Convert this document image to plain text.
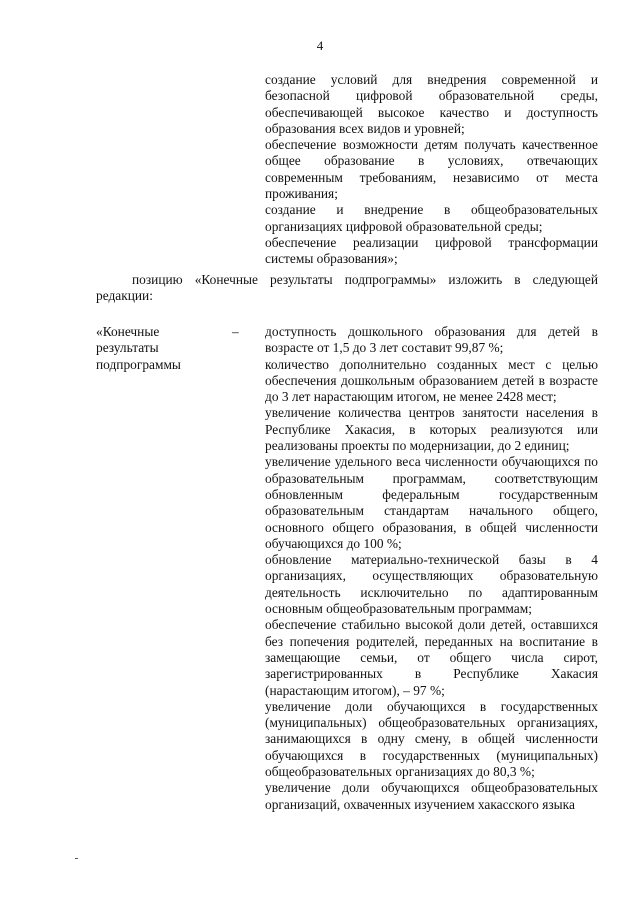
4

создание условий для внедрения современной и безопасной цифровой образовательной среды, обеспечивающей высокое качество и доступность образования всех видов и уровней;

обеспечение возможности детям получать качественное общее образование в условиях, отвечающих современным требованиям, независимо от места проживания;

создание и внедрение в общеобразовательных организациях цифровой образовательной среды;

обеспечение реализации цифровой трансформации системы образования»;

позицию «Конечные результаты подпрограммы» изложить в следующей редакции:

«Конечные
результаты
подпрограммы
– доступность дошкольного образования для детей в возрасте от 1,5 до 3 лет составит 99,87 %;

количество дополнительно созданных мест с целью обеспечения дошкольным образованием детей в возрасте до 3 лет нарастающим итогом, не менее 2428 мест;

увеличение количества центров занятости населения в Республике Хакасия, в которых реализуются или реализованы проекты по модернизации, до 2 единиц;

увеличение удельного веса численности обучающихся по образовательным программам, соответствующим обновленным федеральным государственным образовательным стандартам начального общего, основного общего образования, в общей численности обучающихся до 100 %;

обновление материально-технической базы в 4 организациях, осуществляющих образовательную деятельность исключительно по адаптированным основным общеобразовательным программам;

обеспечение стабильно высокой доли детей, оставшихся без попечения родителей, переданных на воспитание в замещающие семьи, от общего числа сирот, зарегистрированных в Республике Хакасия (нарастающим итогом), – 97 %;

увеличение доли обучающихся в государственных (муниципальных) общеобразовательных организациях, занимающихся в одну смену, в общей численности обучающихся в государственных (муниципальных) общеобразовательных организациях до 80,3 %;

увеличение доли обучающихся общеобразовательных организаций, охваченных изучением хакасского языка
